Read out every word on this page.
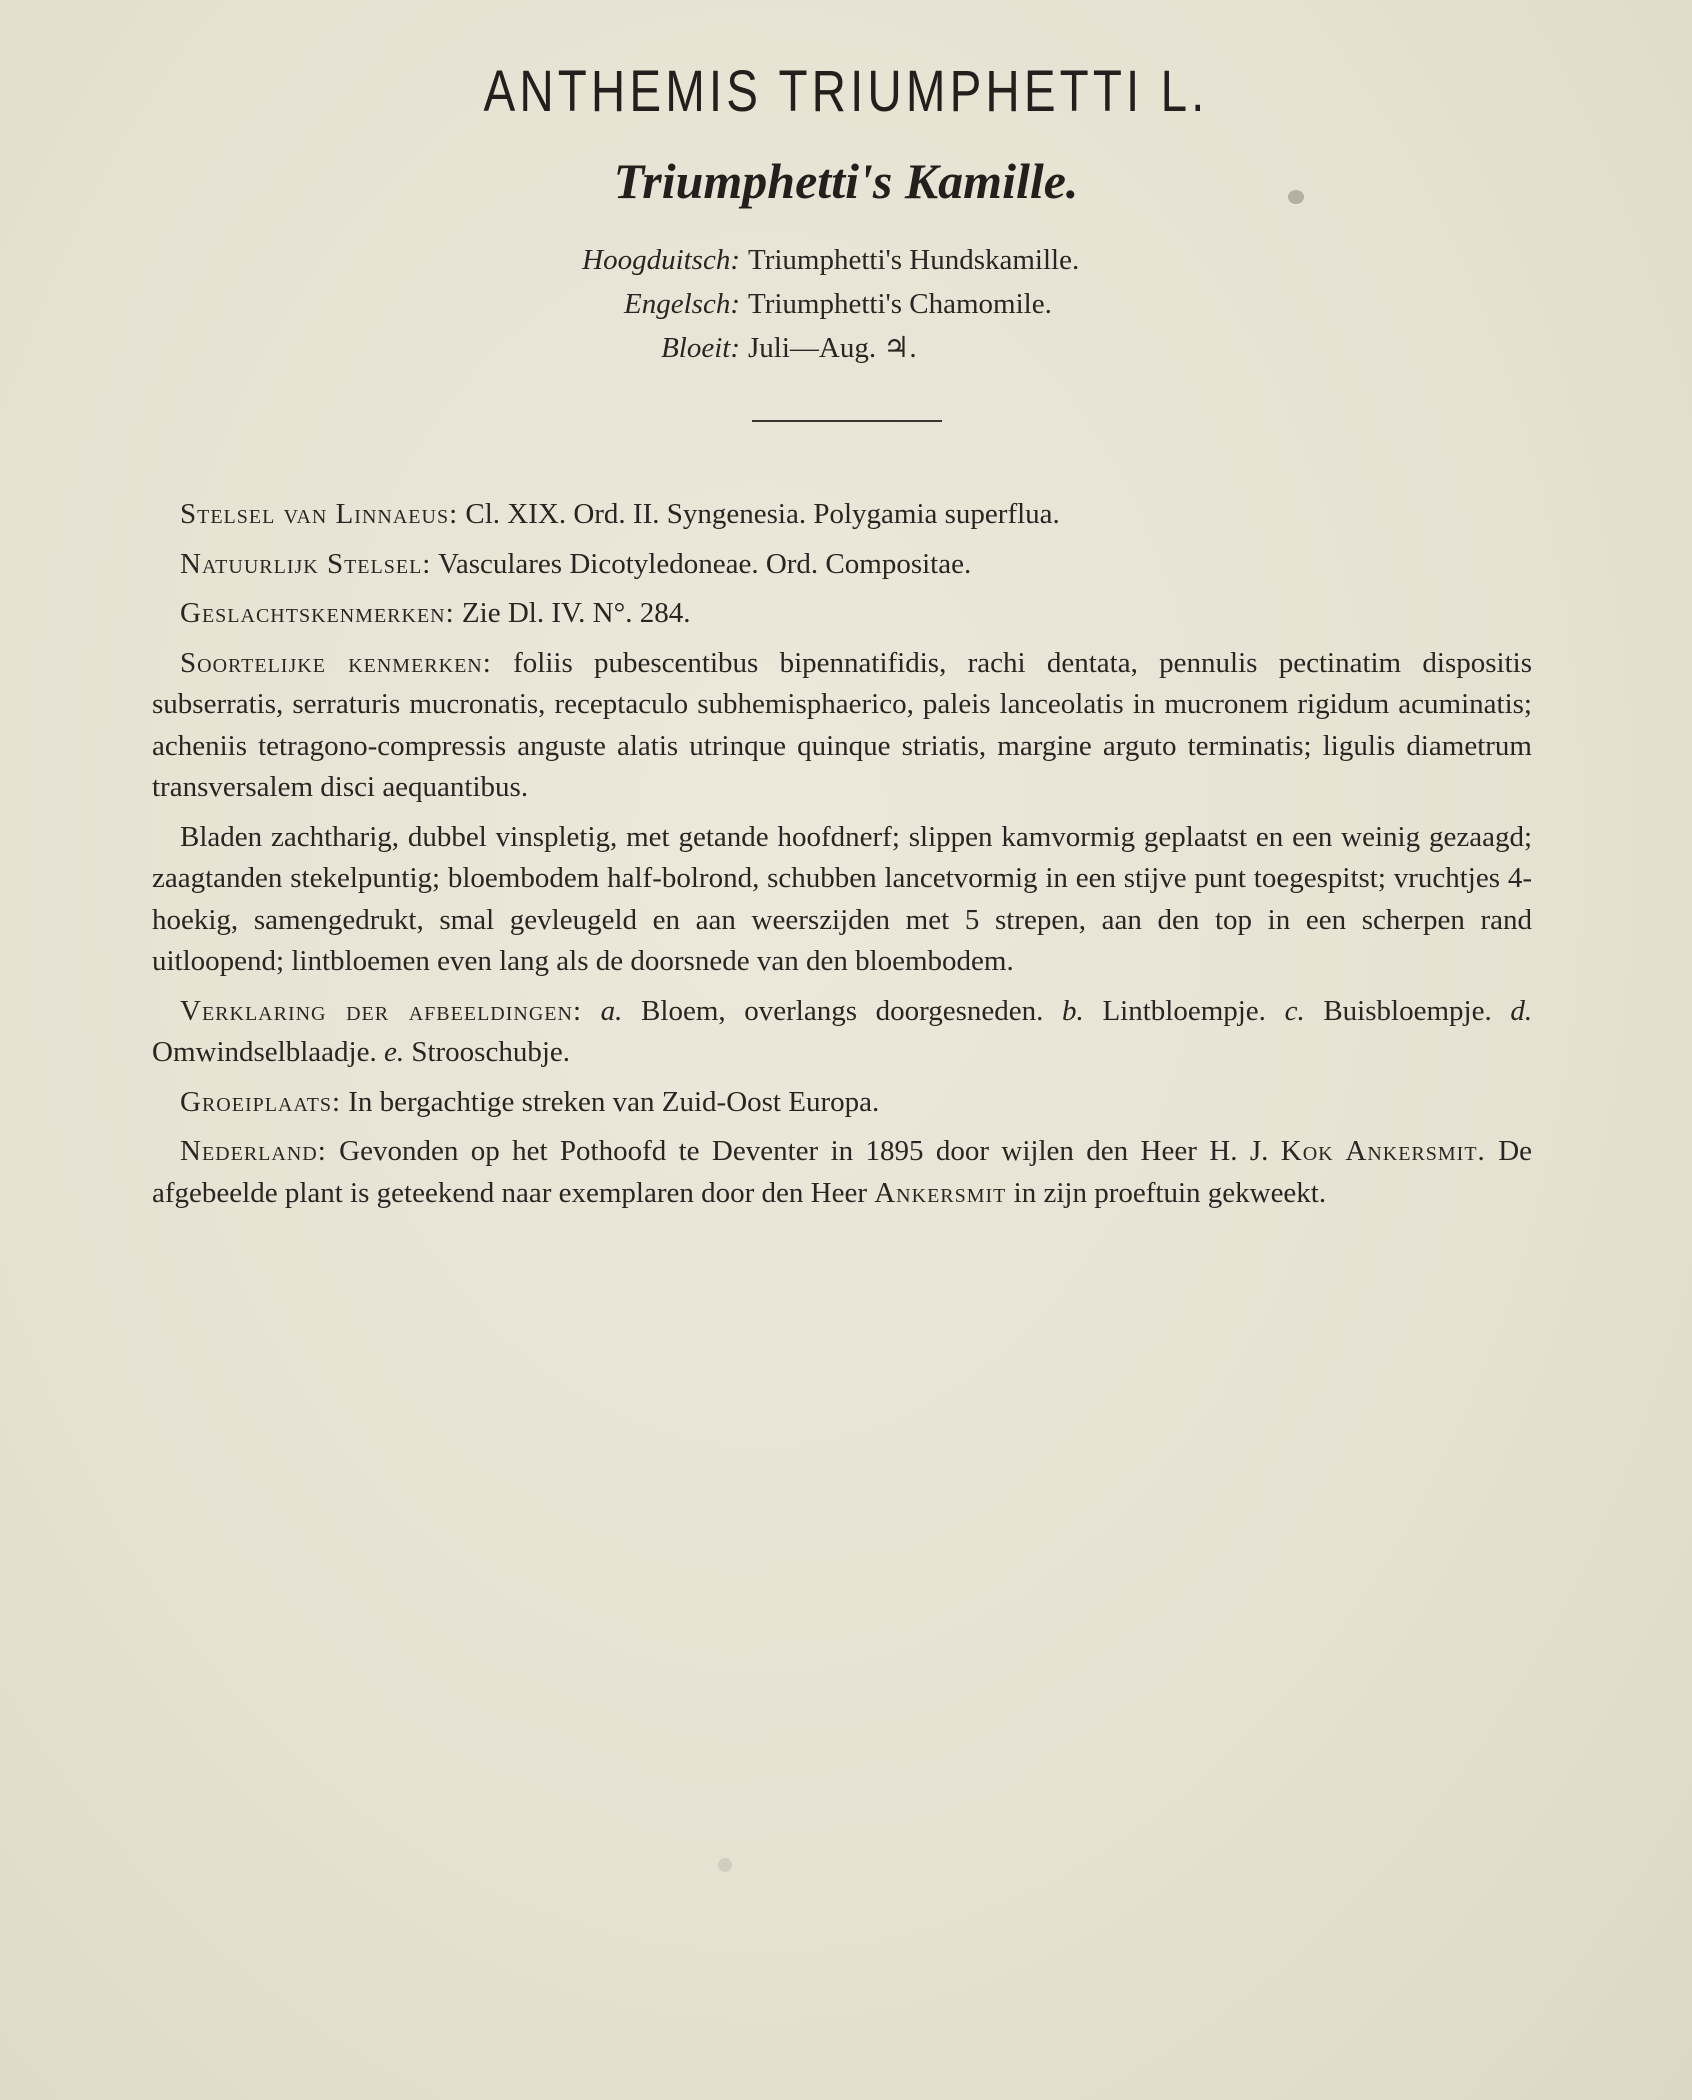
ANTHEMIS TRIUMPHETTI L.
Triumphetti's Kamille.
Hoogduitsch: Triumphetti's Hundskamille.
Engelsch: Triumphetti's Chamomile.
Bloeit: Juli—Aug. ♃.

Stelsel van Linnaeus: Cl. XIX. Ord. II. Syngenesia. Polygamia superflua.

Natuurlijk Stelsel: Vasculares Dicotyledoneae. Ord. Compositae.

Geslachtskenmerken: Zie Dl. IV. N°. 284.

Soortelijke kenmerken: foliis pubescentibus bipennatifidis, rachi dentata, pennulis pectinatim dispositis subserratis, serraturis mucronatis, receptaculo subhemisphaerico, paleis lanceolatis in mucronem rigidum acuminatis; acheniis tetragono-compressis anguste alatis utrinque quinque striatis, margine arguto terminatis; ligulis diametrum transversalem disci aequantibus.

Bladen zachtharig, dubbel vinspletig, met getande hoofdnerf; slippen kamvormig geplaatst en een weinig gezaagd; zaagtanden stekelpuntig; bloembodem half-bolrond, schubben lancetvormig in een stijve punt toegespitst; vruchtjes 4-hoekig, samengedrukt, smal gevleugeld en aan weerszijden met 5 strepen, aan den top in een scherpen rand uitloopend; lintbloemen even lang als de doorsnede van den bloembodem.

Verklaring der afbeeldingen: a. Bloem, overlangs doorgesneden. b. Lintbloempje. c. Buisbloempje. d. Omwindselblaadje. e. Strooschubje.

Groeiplaats: In bergachtige streken van Zuid-Oost Europa.

Nederland: Gevonden op het Pothoofd te Deventer in 1895 door wijlen den Heer H. J. Kok Ankersmit. De afgebeelde plant is geteekend naar exemplaren door den Heer Ankersmit in zijn proeftuin gekweekt.
